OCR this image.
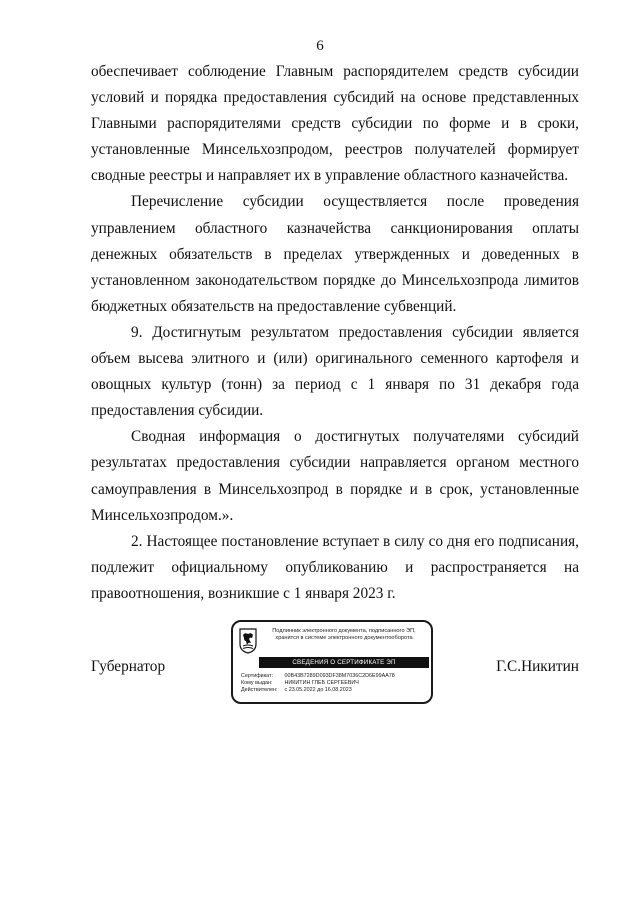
6

обеспечивает соблюдение Главным распорядителем средств субсидии условий и порядка предоставления субсидий на основе представленных Главными распорядителями средств субсидии по форме и в сроки, установленные Минсельхозпродом, реестров получателей формирует сводные реестры и направляет их в управление областного казначейства.

Перечисление субсидии осуществляется после проведения управлением областного казначейства санкционирования оплаты денежных обязательств в пределах утвержденных и доведенных в установленном законодательством порядке до Минсельхозпрода лимитов бюджетных обязательств на предоставление субвенций.

9. Достигнутым результатом предоставления субсидии является объем высева элитного и (или) оригинального семенного картофеля и овощных культур (тонн) за период с 1 января по 31 декабря года предоставления субсидии.

Сводная информация о достигнутых получателями субсидий результатах предоставления субсидии направляется органом местного самоуправления в Минсельхозпрод в порядке и в срок, установленные Минсельхозпродом.».

2. Настоящее постановление вступает в силу со дня его подписания, подлежит официальному опубликованию и распространяется на правоотношения, возникшие с 1 января 2023 г.

Губернатор
Подлинник электронного документа, подписанного ЭП,
хранится в системе электронного документооборота
СВЕДЕНИЯ О СЕРТИФИКАТЕ ЭП
Сертификат: 00B43B7289D093DF38M7036C2D6E99AA78
Кому выдан: НИКИТИН ГЛЕБ СЕРГЕЕВИЧ
Действителен: с 23.05.2022 до 16.08.2023
Г.С.Никитин
